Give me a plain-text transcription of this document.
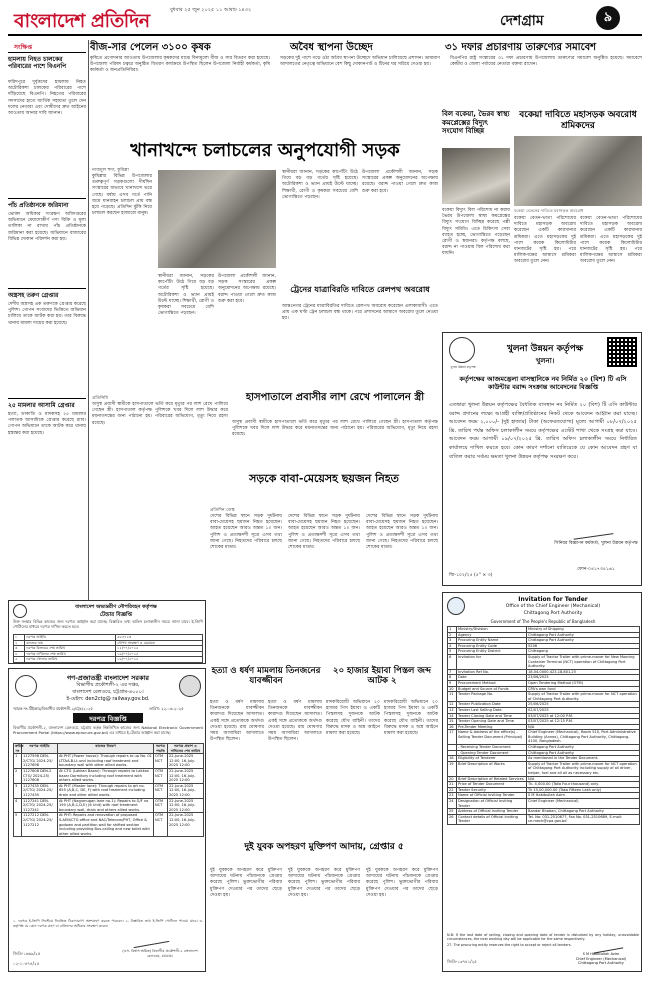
বাংলাদেশ প্রতিদিন	বুধবার ২৫ জুন ২০২৫ ১১ আষাঢ় ১৪৩২
দেশগ্রাম	৯
বীজ-সার পেলেন ৩১০০ কৃষক	অবৈধ স্থাপনা উচ্ছেদ	৩১ দফার প্রচারণায় তারুণ্যের সমাবেশ
কৃষিতে প্রণোদনার আওতায় উপজেলার কৃষকদের মাঝে বিনামূল্যে বীজ ও সার বিতরণ করা হয়েছে। উপজেলা পরিষদ চত্বরে অনুষ্ঠিত বিতরণ কার্যক্রমে উপস্থিত ছিলেন উপজেলা নির্বাহী কর্মকর্তা, কৃষি কর্মকর্তা ও জনপ্রতিনিধিরা।
সড়কের দুই পাশে গড়ে ওঠা অবৈধ স্থাপনা উচ্ছেদে অভিযান চালিয়েছে প্রশাসন। ভ্রাম্যমাণ আদালতের নেতৃত্বে অভিযানে বেশ কিছু দোকানপাট ও টিনের ঘর সরিয়ে দেওয়া হয়।
বিএনপির রাষ্ট্র সংস্কারের ৩১ দফা প্রচারণায় উপজেলায় তারুণ্যের সমাবেশ অনুষ্ঠিত হয়েছে। সমাবেশে কেন্দ্রীয় ও জেলা পর্যায়ের নেতারা বক্তব্য রাখেন।
সংক্ষিপ্ত
হামলায় নিহত চালকের পরিবারের পাশে বিএনপি
ফরিদপুরে দুর্বৃত্তদের হামলায় নিহত অটোরিকশা চালকের পরিবারের পাশে দাঁড়িয়েছে বিএনপি। নিহতের পরিবারের সদস্যদের হাতে আর্থিক সহায়তা তুলে দেন দলের নেতারা এবং দোষীদের দ্রুত আইনের আওতায় আনার দাবি জানান।
পাঁচ প্রতিষ্ঠানকে জরিমানা
ভোক্তা অধিকার সংরক্ষণ অধিদপ্তরের অভিযানে মেয়াদোত্তীর্ণ পণ্য বিক্রি ও মূল্য তালিকা না রাখায় পাঁচ প্রতিষ্ঠানকে জরিমানা করা হয়েছে। অভিযানে বাজারের বিভিন্ন দোকান পরিদর্শন করা হয়।
অস্ত্রসহ তরুণ গ্রেপ্তার
দেশীয় অস্ত্রসহ এক তরুণকে গ্রেপ্তার করেছে পুলিশ। গোপন সংবাদের ভিত্তিতে অভিযান চালিয়ে তাকে আটক করা হয়। তার বিরুদ্ধে থানায় মামলা দায়ের করা হয়েছে।
২৫ মামলার আসামি গ্রেপ্তার
হত্যা, ডাকাতি ও মাদকসহ ২৫ মামলার পলাতক আসামিকে গ্রেপ্তার করেছে র‍্যাব। গোপন অভিযানে তাকে আটক করে থানায় হস্তান্তর করা হয়েছে।
খানাখন্দে চলাচলের অনুপযোগী সড়ক
নাজমুল হুদা, কুমিল্লা
কুমিল্লার বিভিন্ন উপজেলার গুরুত্বপূর্ণ সড়কগুলো দীর্ঘদিন সংস্কারের অভাবে খানাখন্দে ভরে গেছে। বর্ষায় এসব গর্তে পানি জমে যানবাহন চলাচল প্রায় বন্ধ হয়ে পড়েছে। প্রতিদিন ঝুঁকি নিয়ে চলাচল করছেন হাজারো মানুষ।
স্থানীয়রা জানান, সড়কের কার্পেটিং উঠে গিয়ে বড় বড় গর্তের সৃষ্টি হয়েছে। অটোরিকশা ও ভ্যান প্রায়ই উল্টে যাচ্ছে। শিক্ষার্থী, রোগী ও কৃষকরা সবচেয়ে বেশি ভোগান্তিতে পড়ছেন।
উপজেলা প্রকৌশলী জানান, সড়ক সংস্কারের প্রকল্প অনুমোদনের অপেক্ষায় রয়েছে। বরাদ্দ পাওয়া গেলে দ্রুত কাজ শুরু করা হবে।
স্থানীয়রা জানান, সড়কের কার্পেটিং উঠে গিয়ে বড় বড় গর্তের সৃষ্টি হয়েছে। অটোরিকশা ও ভ্যান প্রায়ই উল্টে যাচ্ছে। শিক্ষার্থী, রোগী ও কৃষকরা সবচেয়ে বেশি ভোগান্তিতে পড়ছেন।
উপজেলা প্রকৌশলী জানান, সড়ক সংস্কারের প্রকল্প অনুমোদনের অপেক্ষায় রয়েছে। বরাদ্দ পাওয়া গেলে দ্রুত কাজ শুরু করা হবে।
ট্রেনের যাত্রাবিরতি দাবিতে রেলপথ অবরোধ
আন্তঃনগর ট্রেনের যাত্রাবিরতির দাবিতে রেলপথ অবরোধ করেছেন এলাকাবাসী। এতে প্রায় এক ঘণ্টা ট্রেন চলাচল বন্ধ থাকে। পরে প্রশাসনের আশ্বাসে অবরোধ তুলে নেওয়া হয়।
বিল বকেয়া, ভৈরব স্বাস্থ্য কমপ্লেক্সের বিদ্যুৎ সংযোগ বিচ্ছিন্ন
বকেয়া বিদ্যুৎ বিল পরিশোধ না করায় ভৈরব উপজেলা স্বাস্থ্য কমপ্লেক্সের বিদ্যুৎ সংযোগ বিচ্ছিন্ন করেছে পল্লী বিদ্যুৎ সমিতি। এতে চিকিৎসা সেবা ব্যাহত হচ্ছে, ভোগান্তিতে পড়েছেন রোগী ও স্বজনরা। কর্তৃপক্ষ বলছে, বরাদ্দ না পাওয়ায় বিল পরিশোধ করা যায়নি।
বকেয়া দাবিতে মহাসড়ক অবরোধ শ্রমিকদের
বকেয়া বেতনের দাবিতে মহাসড়ক অবরোধ
বকেয়া বেতন-ভাতা পরিশোধের দাবিতে মহাসড়ক অবরোধ করেছেন একটি কারখানার শ্রমিকরা। এতে মহাসড়কের দুই পাশে কয়েক কিলোমিটার যানজটের সৃষ্টি হয়। পরে মালিকপক্ষের আশ্বাসে শ্রমিকরা অবরোধ তুলে নেন।
বকেয়া বেতন-ভাতা পরিশোধের দাবিতে মহাসড়ক অবরোধ করেছেন একটি কারখানার শ্রমিকরা। এতে মহাসড়কের দুই পাশে কয়েক কিলোমিটার যানজটের সৃষ্টি হয়। পরে মালিকপক্ষের আশ্বাসে শ্রমিকরা অবরোধ তুলে নেন।
হাসপাতালে প্রবাসীর লাশ রেখে পালালেন স্ত্রী
প্রতিনিধি
অসুস্থ প্রবাসী স্বামীকে হাসপাতালে ভর্তি করে মৃত্যুর পর লাশ রেখে পালিয়ে গেছেন স্ত্রী। হাসপাতাল কর্তৃপক্ষ পুলিশকে খবর দিলে লাশ উদ্ধার করে ময়নাতদন্তের জন্য পাঠানো হয়। পরিবারের অভিযোগ, মৃত্যু নিয়ে রহস্য রয়েছে।	অসুস্থ প্রবাসী স্বামীকে হাসপাতালে ভর্তি করে মৃত্যুর পর লাশ রেখে পালিয়ে গেছেন স্ত্রী। হাসপাতাল কর্তৃপক্ষ পুলিশকে খবর দিলে লাশ উদ্ধার করে ময়নাতদন্তের জন্য পাঠানো হয়। পরিবারের অভিযোগ, মৃত্যু নিয়ে রহস্য রয়েছে।
খুলনা উন্নয়ন কর্তৃপক্ষ
খুলনা উন্নয়ন কর্তৃপক্ষ
খুলনা।
কর্তৃপক্ষের আজমদ্ভেলা বাসস্থানিকে নব নির্মিত ২০ (বিশ) টি এসি কাউন্টার বরাদ্দ সংক্রান্ত আবেদনের বিজ্ঞপ্তি
এতদ্বারা খুলনা উন্নয়ন কর্তৃপক্ষের বৈধতিক বাসস্থান নব নির্মিত ২০ (বিশ) টি এসি কাউন্টার বরাদ্দ প্রদানের লক্ষ্যে আগ্রহী ব্যক্তি/প্রতিষ্ঠানের নিকট থেকে আবেদন আহ্বান করা যাচ্ছে। আবেদন ফরম ২,০০০/- (দুই হাজার) টাকা (অফেরতযোগ্য) মূল্যে আগামী ০৮/০৭/২০২৫ খ্রি. তারিখ পর্যন্ত অফিস চলাকালীন সময়ে কর্তৃপক্ষের এস্টেট শাখা থেকে সংগ্রহ করা যাবে। আবেদন ফরম আগামী ০৯/০৭/২০২৫ খ্রি. তারিখ অফিস চলাকালীন সময়ে নির্ধারিত কার্যালয়ে দাখিল করতে হবে। কোন কারণ দর্শানো ব্যতিরেকে যে কোন আবেদন গ্রহণ বা বাতিল করার সর্বময় ক্ষমতা খুলনা উন্নয়ন কর্তৃপক্ষ সংরক্ষণ করে।
সিনিয়র বিজ্ঞাপন কর্মকর্তা, খুলনা উন্নয়ন কর্তৃপক্ষ
ফোন-০৪১৭৩৫১৬১
জি-১০২/২৫ (৫" × ৩)
সড়কে বাবা-মেয়েসহ ছয়জন নিহত
প্রতিদিন ডেস্ক
দেশের বিভিন্ন স্থানে সড়ক দুর্ঘটনায় বাবা-মেয়েসহ ছয়জন নিহত হয়েছেন। আহত হয়েছেন আরও অন্তত ১০ জন। পুলিশ ও প্রত্যক্ষদর্শী সূত্রে এসব তথ্য জানা গেছে। নিহতদের পরিবারে চলছে শোকের মাতম।
দেশের বিভিন্ন স্থানে সড়ক দুর্ঘটনায় বাবা-মেয়েসহ ছয়জন নিহত হয়েছেন। আহত হয়েছেন আরও অন্তত ১০ জন। পুলিশ ও প্রত্যক্ষদর্শী সূত্রে এসব তথ্য জানা গেছে। নিহতদের পরিবারে চলছে শোকের মাতম।
দেশের বিভিন্ন স্থানে সড়ক দুর্ঘটনায় বাবা-মেয়েসহ ছয়জন নিহত হয়েছেন। আহত হয়েছেন আরও অন্তত ১০ জন। পুলিশ ও প্রত্যক্ষদর্শী সূত্রে এসব তথ্য জানা গেছে। নিহতদের পরিবারে চলছে শোকের মাতম।
বাংলাদেশ অভ্যন্তরীণ নৌপরিবহন কর্তৃপক্ষ
টেন্ডার বিজ্ঞপ্তি
উক্ত সংস্থার বিভিন্ন কাজের জন্য দরপত্র আহ্বান করা যাচ্ছে। বিস্তারিত তথ্য অফিস চলাকালীন সময়ে জানা যাবে। ই-জিপি পোর্টালের মাধ্যমে দরপত্র দাখিল করতে হবে।
১	দরপত্র আইডি	৫৮৫৭২৩
২	কাজের নাম	নৌপথ সংরক্ষণ ও মেরামত
৩	দরপত্র বিক্রয়ের শেষ তারিখ	১৫/০৭/২০২৫
৪	দরপত্র দাখিলের শেষ তারিখ	১৬/০৭/২০২৫
৫	দরপত্র খোলার তারিখ	১৬/০৭/২০২৫
গণ-প্রজাতন্ত্রী বাংলাদেশ সরকার
বিভাগীয় প্রকৌশলী-২ এর দপ্তর,
বাংলাদেশ রেলওয়ে, চট্টগ্রাম-৪০০০।
ই-মেইল: den2ctg@ railway.gov.bd.
স্মারক নং-টিইআর/বিভাগীয় প্রকৌশলী-২/চট্টঃ/২০২৫	তারিখ: ২২-০৬-২০২৫
দরপত্র বিজ্ঞপ্তি
বিভাগীয় প্রকৌশলী-২, বাংলাদেশ রেলওয়ে, চট্টগ্রাম কর্তৃক নিম্নলিখিত কাজের জন্য National Electronic Government Procurement Portal (https://www.eprocure.gov.bd) এর মাধ্যমে ই-টেন্ডার আহ্বান করা যাচ্ছে।
ক্রমিক নং	দরপত্র আইডি	কাজের বিবরণ	দরপত্র পদ্ধতি	দরপত্র প্রকাশ ও দাখিলের শেষ তারিখ
1	1127598 DEN-2/CTG/ 2024-25/ 1127698	At PHT (Power house): Through repairs to up No. 01 LTTAA-B.Lt.und including roof treatment and boundary wall with other allied works.	OTM NCT	22-June-2025 12:00, 16-July-2025 12:00
2	1127608 DEN-2 CTG/ 2024-25/ 1127608	At CTG (Lakkan Bazar): Through repairs to Lakkan bazar Dormitory including roof treatment with others allied works.	OTM NCT	22-June-2025 12:00, 16-July-2025 12:00
3	1127435 DEN-2/CTG/ 2024-25/ 1127435	At PHT (Master lane): Through repairs to qrt no. 655 (A,B,C, DE, F) with roof treatment including drain and other allied works.	OTM NCT	22-June-2025 12:00, 16-July-2025 12:00
4	1127241 DEN-2/CTG/ 2024-25/ 1127241	At PHT (Nagumugan lane no-1): Repairs to G/F no 190 (A,B,C,D,E) (6 Unit) with roof treatment boundary wall, drain and others allied works.	OTM NCT	22-June-2025 12:00, 16-July-2025 12:00
5	1127212 DEN-2/CTG/ 2024-25/ 1127212	At PHT: Repairs and renovation of proposed S.AEN/CTG office and NAC/Telecom/PHT, Office & godown and partition wall for shifted section including providing Bus-calling and new toilet with other allied works.	OTM NCT	22-June-2025 12:00, 16-July-2025 12:00
১. দরপত্র ই-জিপি সিস্টেমে নিবন্ধিত ঠিকাদারগণ অংশগ্রহণ করতে পারবেন। ২. বিস্তারিত তথ্য ই-জিপি পোর্টালে পাওয়া যাবে। ৩. কর্তৃপক্ষ যে কোন দরপত্র গ্রহণ বা বাতিলের অধিকার সংরক্ষণ করেন।
(এস. বিশ্বাস অমিত) বিভাগীয় প্রকৌশলী-২ বাংলাদেশ রেলওয়ে, চট্টগ্রাম।
জিডি-১৬৬৯/২৫
০২-১০৪৭৪/২৫
হত্যা ও ধর্ষণ মামলায় তিনজনের যাবজ্জীবন
হত্যা ও ধর্ষণ মামলায় তিনজনকে যাবজ্জীবন কারাদণ্ড দিয়েছেন আদালত। একই সঙ্গে প্রত্যেককে অর্থদণ্ড দেওয়া হয়েছে। রায় ঘোষণার সময় আসামিরা আদালতে উপস্থিত ছিলেন।
হত্যা ও ধর্ষণ মামলায় তিনজনকে যাবজ্জীবন কারাদণ্ড দিয়েছেন আদালত। একই সঙ্গে প্রত্যেককে অর্থদণ্ড দেওয়া হয়েছে। রায় ঘোষণার সময় আসামিরা আদালতে উপস্থিত ছিলেন।
২০ হাজার ইয়াবা পিস্তল জব্দ আটক ২
মাদকবিরোধী অভিযানে ২০ হাজার পিস ইয়াবা ও একটি পিস্তলসহ দুজনকে আটক করেছে যৌথ বাহিনী। তাদের বিরুদ্ধে মাদক ও অস্ত্র আইনে মামলা করা হয়েছে।
মাদকবিরোধী অভিযানে ২০ হাজার পিস ইয়াবা ও একটি পিস্তলসহ দুজনকে আটক করেছে যৌথ বাহিনী। তাদের বিরুদ্ধে মাদক ও অস্ত্র আইনে মামলা করা হয়েছে।
দুই যুবক অপহরণ মুক্তিপণ আদায়, গ্রেপ্তার ৫
দুই যুবককে অপহরণ করে মুক্তিপণ আদায়ের ঘটনায় পাঁচজনকে গ্রেপ্তার করেছে পুলিশ। ভুক্তভোগীর পরিবার মুক্তিপণ দেওয়ার পর তাদের ছেড়ে দেওয়া হয়।
দুই যুবককে অপহরণ করে মুক্তিপণ আদায়ের ঘটনায় পাঁচজনকে গ্রেপ্তার করেছে পুলিশ। ভুক্তভোগীর পরিবার মুক্তিপণ দেওয়ার পর তাদের ছেড়ে দেওয়া হয়।
দুই যুবককে অপহরণ করে মুক্তিপণ আদায়ের ঘটনায় পাঁচজনকে গ্রেপ্তার করেছে পুলিশ। ভুক্তভোগীর পরিবার মুক্তিপণ দেওয়ার পর তাদের ছেড়ে দেওয়া হয়।
Invitation for Tender
Office of the Chief Engineer (Mechanical)
Chittagong Port Authority
Government of The People's Republic of Bangladesh
1	Ministry/Division	Ministry of Shipping
2	Agency	Chittagong Port Authority
3	Procuring Entity Name	Chittagong Port Authority
4	Procuring Entity Code	5206
5	Procuring Entity District	Chittagong
6	Invitation for	Supply of Tractor Trailer with prime-mover for New Mooring Container Terminal (NCT) operation of Chittagong Port Authority.
7	Invitation Ref No.	18.04.0000.423.18.801.25
8	Date	23/06/2025
9	Procurement Method	Open Tendering Method (OTM)
10	Budget and Source of Funds	CPA's own fund
11	Tender Package No.	Supply of Tractor Trailer with prime-mover for NCT operation of Chittagong Port Authority.
12	Tender Publication Date	25/06/2025
13	Tender Last Selling Date	02/07/2025
14	Tender Closing Date and Time	03/07/2025 at 12:00 P.M.
15	Tender Opening Date and Time	03/07/2025 at 12:15 P.M.
16	Pre-Tender Meeting	N/A
17	Name & Address of the office(s) - Selling Tender Document (Principal)	Chief Engineer (Mechanical), Room 510, Port Administrative Building (Annex), Chittagong Port Authority, Chittagong-4100, Bangladesh.
	- Receiving Tender Document	Chittagong Port Authority
	- Opening Tender Document	Chittagong Port Authority
18	Eligibility of Tenderer	As mentioned in the Tender Document.
19	Brief Description of Works	Supply of Tractor Trailer with prime-mover for NCT operation of Chittagong Port Authority including supply of all driver, helper, fuel and all oil as necessary etc.
20	Brief Description of Related Services	N/A
21	Price of Tender Document	Tk. 4,000.00 (Taka Four thousand) only.
22	Tender Security	Tk 15,00,000.00 (Taka Fifteen Lakh only)
23	Name of Official Inviting Tender	S M Habibullah Azim
24	Designation of Official Inviting Tender	Chief Engineer (Mechanical)
25	Address of Official Inviting Tender	Bandar Bhaban, Chittagong Port Authority
26	Contact details of Official Inviting Tender	Tel. No: 031-2510677, Fax No. 031-2510689, E-mail: ce.mech@cpa.gov.bd
N.B: If the last date of selling, closing and opening date of tender is disturbed by any holiday, unavoidable circumstances, the next working day will be applicable for the same respectively.
27. The procuring entity reserves the right to accept or reject all tenders.
S M Habibullah Azim
Chief Engineer (Mechanical)
Chittagong Port Authority
জিডি-১৩৭৪১/২৫
